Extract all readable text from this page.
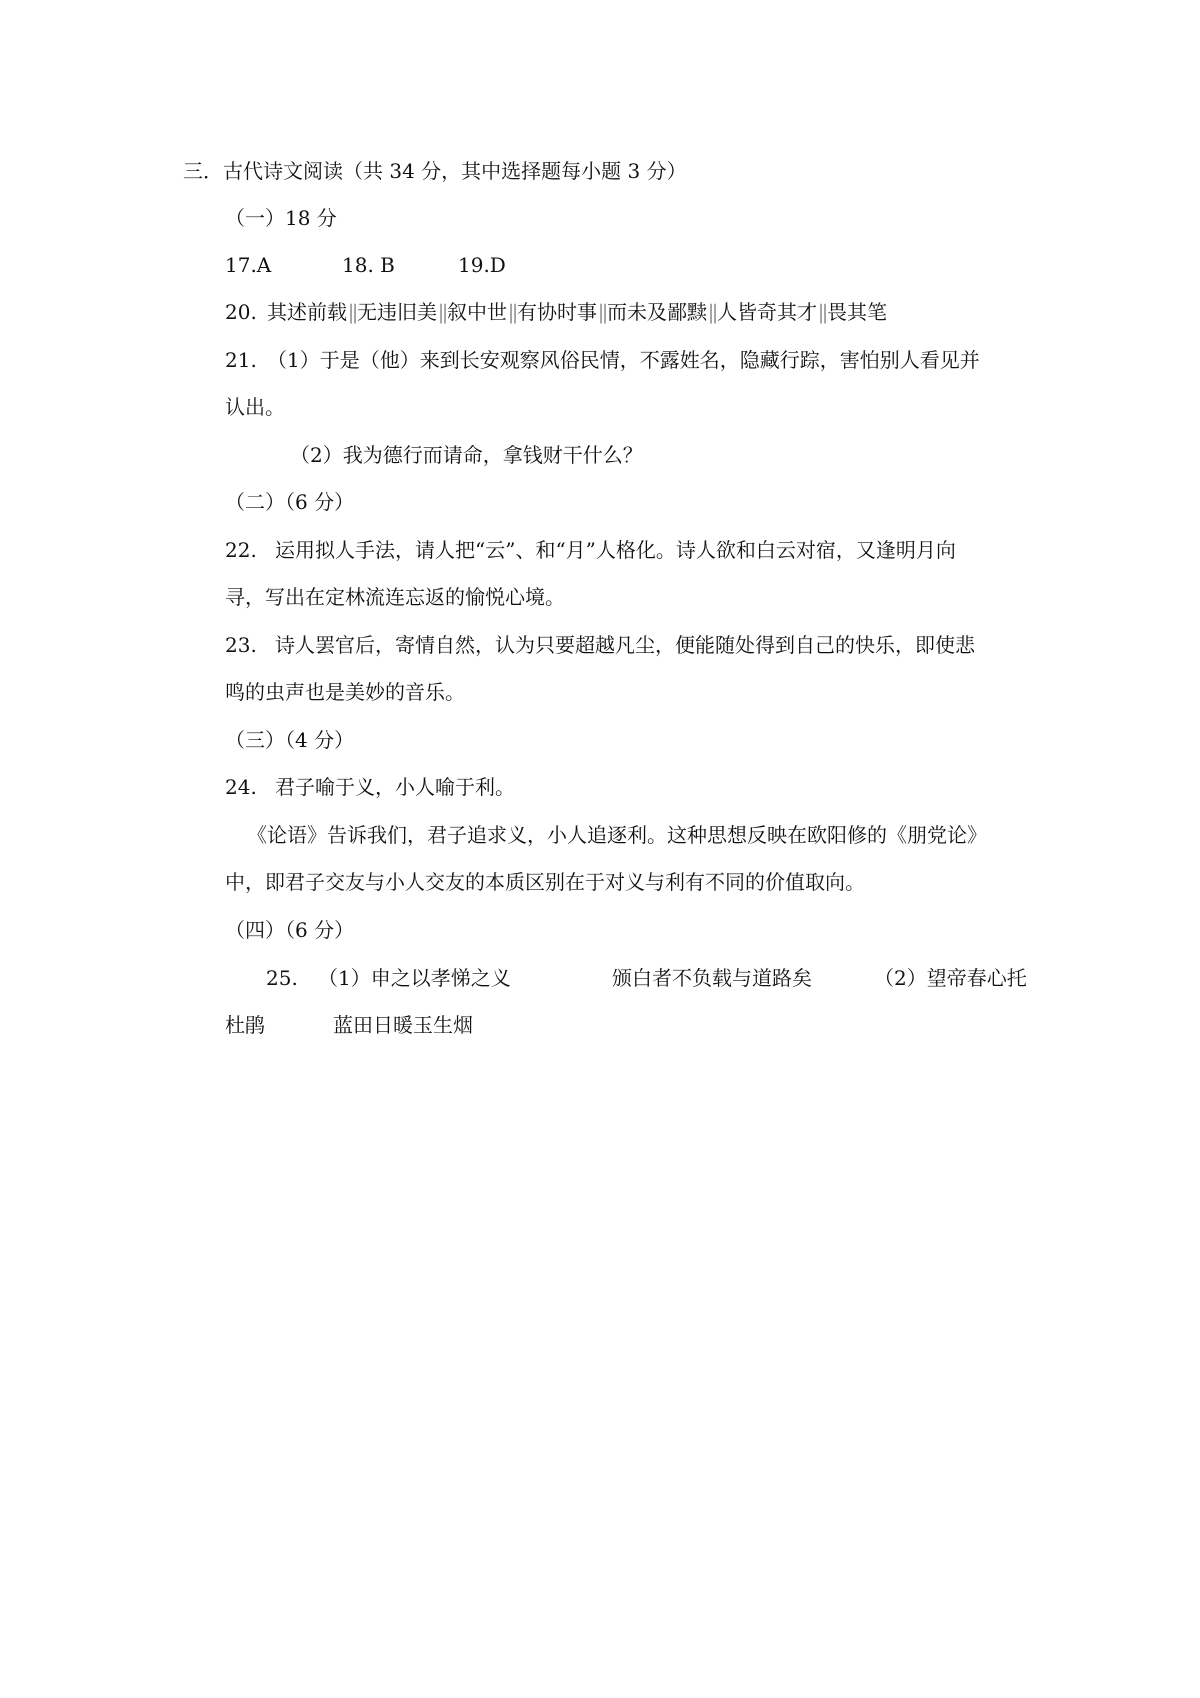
三．古代诗文阅读（共 34 分，其中选择题每小题 3 分）
（一）18 分
17.A	18. B	19.D
20. 其述前载 ||无违旧美 ||叙中世 ||有协时事 ||而未及鄙黩 ||人皆奇其才 ||畏其笔
21. （1）于是（他）来到长安观察风俗民情，不露姓名，隐藏行踪，害怕别人看见并
认出。
（2）我为德行而请命，拿钱财干什么？
（二）（6 分）
22. 运用拟人手法，请人把“云”、和“月”人格化。诗人欲和白云对宿，又逢明月向
寻，写出在定林流连忘返的愉悦心境。
23. 诗人罢官后，寄情自然，认为只要超越凡尘，便能随处得到自己的快乐，即使悲
鸣的虫声也是美妙的音乐。
（三）（4 分）
24. 君子喻于义，小人喻于利。
《论语》告诉我们，君子追求义，小人追逐利。这种思想反映在欧阳修的《朋党论》
中，即君子交友与小人交友的本质区别在于对义与利有不同的价值取向。
（四）（6 分）
25. （1）申之以孝悌之义	颁白者不负载与道路矣	（2）望帝春心托
杜鹃	蓝田日暖玉生烟
